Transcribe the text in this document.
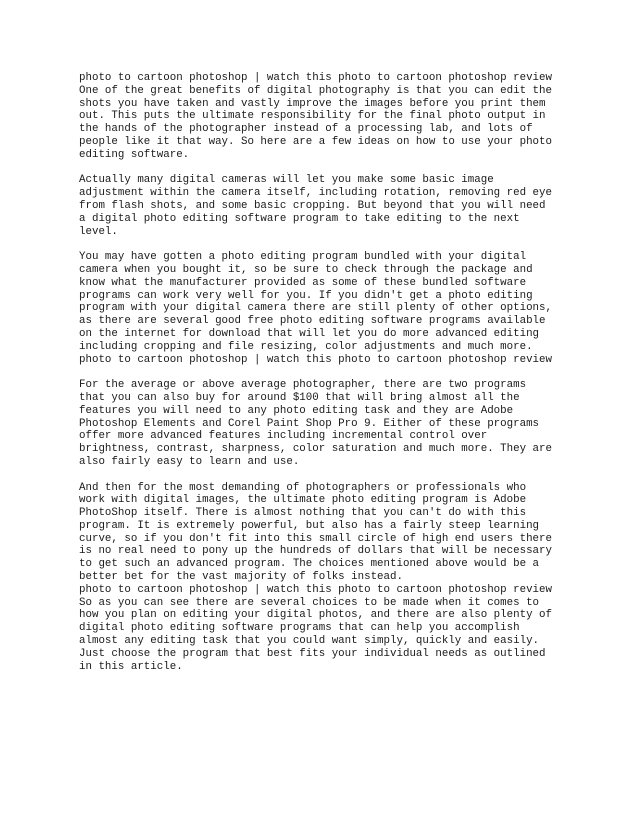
photo to cartoon photoshop | watch this photo to cartoon photoshop review
One of the great benefits of digital photography is that you can edit the
shots you have taken and vastly improve the images before you print them
out. This puts the ultimate responsibility for the final photo output in
the hands of the photographer instead of a processing lab, and lots of
people like it that way. So here are a few ideas on how to use your photo
editing software.
Actually many digital cameras will let you make some basic image
adjustment within the camera itself, including rotation, removing red eye
from flash shots, and some basic cropping. But beyond that you will need
a digital photo editing software program to take editing to the next
level.
You may have gotten a photo editing program bundled with your digital
camera when you bought it, so be sure to check through the package and
know what the manufacturer provided as some of these bundled software
programs can work very well for you. If you didn't get a photo editing
program with your digital camera there are still plenty of other options,
as there are several good free photo editing software programs available
on the internet for download that will let you do more advanced editing
including cropping and file resizing, color adjustments and much more.
photo to cartoon photoshop | watch this photo to cartoon photoshop review
For the average or above average photographer, there are two programs
that you can also buy for around $100 that will bring almost all the
features you will need to any photo editing task and they are Adobe
Photoshop Elements and Corel Paint Shop Pro 9. Either of these programs
offer more advanced features including incremental control over
brightness, contrast, sharpness, color saturation and much more. They are
also fairly easy to learn and use.
And then for the most demanding of photographers or professionals who
work with digital images, the ultimate photo editing program is Adobe
PhotoShop itself. There is almost nothing that you can't do with this
program. It is extremely powerful, but also has a fairly steep learning
curve, so if you don't fit into this small circle of high end users there
is no real need to pony up the hundreds of dollars that will be necessary
to get such an advanced program. The choices mentioned above would be a
better bet for the vast majority of folks instead.
photo to cartoon photoshop | watch this photo to cartoon photoshop review
So as you can see there are several choices to be made when it comes to
how you plan on editing your digital photos, and there are also plenty of
digital photo editing software programs that can help you accomplish
almost any editing task that you could want simply, quickly and easily.
Just choose the program that best fits your individual needs as outlined
in this article.
